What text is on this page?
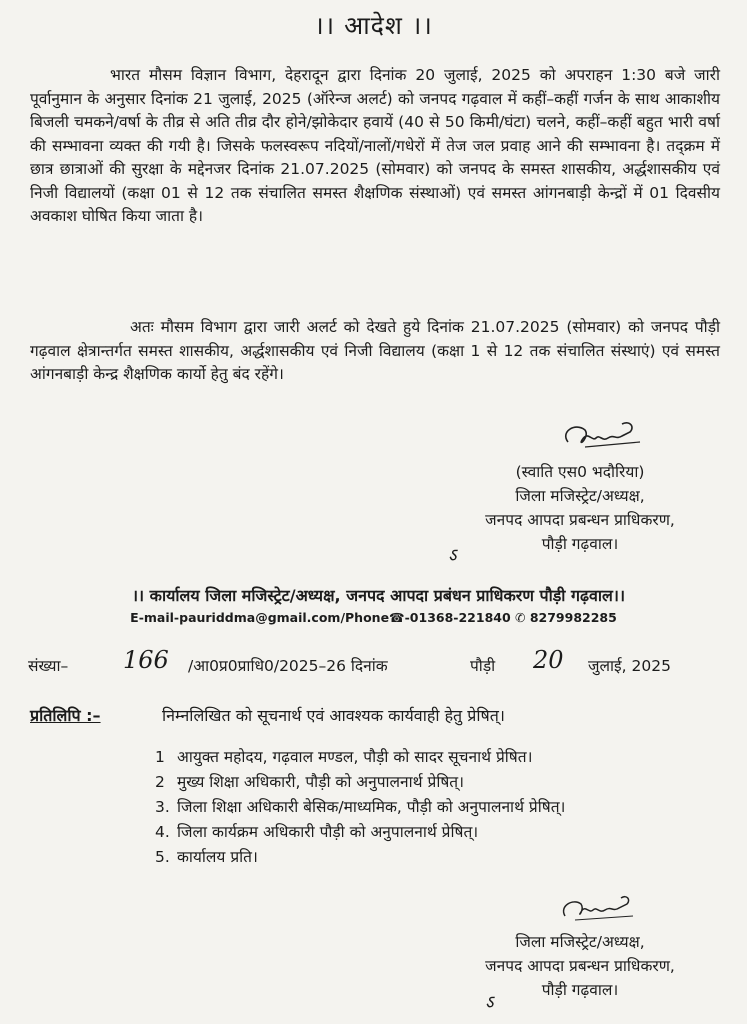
।। आदेश ।।
भारत मौसम विज्ञान विभाग, देहरादून द्वारा दिनांक 20 जुलाई, 2025 को अपराहन 1:30 बजे जारी पूर्वानुमान के अनुसार दिनांक 21 जुलाई, 2025 (ऑरेन्ज अलर्ट) को जनपद गढ़वाल में कहीं–कहीं गर्जन के साथ आकाशीय बिजली चमकने/वर्षा के तीव्र से अति तीव्र दौर होने/झोकेदार हवायें (40 से 50 किमी/घंटा) चलने, कहीं–कहीं बहुत भारी वर्षा की सम्भावना व्यक्त की गयी है। जिसके फलस्वरूप नदियों/नालों/गधेरों में तेज जल प्रवाह आने की सम्भावना है। तद्क्रम में छात्र छात्राओं की सुरक्षा के मद्देनजर दिनांक 21.07.2025 (सोमवार) को जनपद के समस्त शासकीय, अर्द्धशासकीय एवं निजी विद्यालयों (कक्षा 01 से 12 तक संचालित समस्त शैक्षणिक संस्थाओं) एवं समस्त आंगनबाड़ी केन्द्रों में 01 दिवसीय अवकाश घोषित किया जाता है।
अतः मौसम विभाग द्वारा जारी अलर्ट को देखते हुये दिनांक 21.07.2025 (सोमवार) को जनपद पौड़ी गढ़वाल क्षेत्रान्तर्गत समस्त शासकीय, अर्द्धशासकीय एवं निजी विद्यालय (कक्षा 1 से 12 तक संचालित संस्थाएं) एवं समस्त आंगनबाड़ी केन्द्र शैक्षणिक कार्यो हेतु बंद रहेंगे।
(स्वाति एस0 भदौरिया)
जिला मजिस्ट्रेट/अध्यक्ष,
जनपद आपदा प्रबन्धन प्राधिकरण,
पौड़ी गढ़वाल।
ऽ
।। कार्यालय जिला मजिस्ट्रेट/अध्यक्ष, जनपद आपदा प्रबंधन प्राधिकरण पौड़ी गढ़वाल।।
E-mail-pauriddma@gmail.com/Phone☎-01368-221840 ✆ 8279982285
संख्या– 166 /आ0प्र0प्राधि0/2025–26 दिनांक	पौड़ी 20 जुलाई, 2025
प्रतिलिपि :–	निम्नलिखित को सूचनार्थ एवं आवश्यक कार्यवाही हेतु प्रेषित्।
1 आयुक्त महोदय, गढ़वाल मण्डल, पौड़ी को सादर सूचनार्थ प्रेषित।
2 मुख्य शिक्षा अधिकारी, पौड़ी को अनुपालनार्थ प्रेषित्।
3. जिला शिक्षा अधिकारी बेसिक/माध्यमिक, पौड़ी को अनुपालनार्थ प्रेषित्।
4. जिला कार्यक्रम अधिकारी पौड़ी को अनुपालनार्थ प्रेषित्।
5. कार्यालय प्रति।
जिला मजिस्ट्रेट/अध्यक्ष,
जनपद आपदा प्रबन्धन प्राधिकरण,
पौड़ी गढ़वाल।
ऽ
